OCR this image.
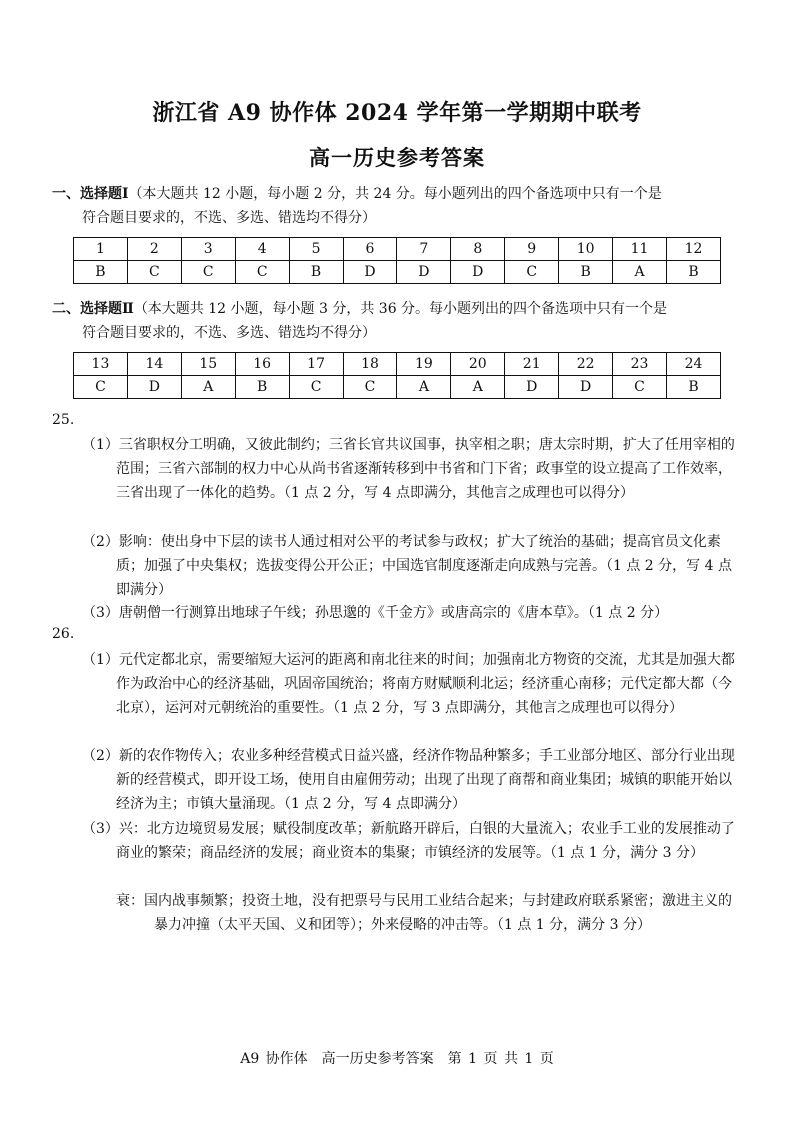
浙江省 A9 协作体 2024 学年第一学期期中联考
高一历史参考答案
一、选择题Ⅰ（本大题共 12 小题，每小题 2 分，共 24 分。每小题列出的四个备选项中只有一个是
符合题目要求的，不选、多选、错选均不得分）
1	2	3	4	5	6	7	8	9	10	11	12
B	C	C	C	B	D	D	D	C	B	A	B
二、选择题Ⅱ（本大题共 12 小题，每小题 3 分，共 36 分。每小题列出的四个备选项中只有一个是
符合题目要求的，不选、多选、错选均不得分）
13	14	15	16	17	18	19	20	21	22	23	24
C	D	A	B	C	C	A	A	D	D	C	B
25.
（1）三省职权分工明确，又彼此制约；三省长官共议国事，执宰相之职；唐太宗时期，扩大了任用宰相的范围；三省六部制的权力中心从尚书省逐渐转移到中书省和门下省；政事堂的设立提高了工作效率，三省出现了一体化的趋势。（1 点 2 分，写 4 点即满分，其他言之成理也可以得分）
（2）影响：使出身中下层的读书人通过相对公平的考试参与政权；扩大了统治的基础；提高官员文化素质；加强了中央集权；选拔变得公开公正；中国选官制度逐渐走向成熟与完善。（1 点 2 分，写 4 点即满分）
（3）唐朝僧一行测算出地球子午线；孙思邈的《千金方》或唐高宗的《唐本草》。（1 点 2 分）
26.
（1）元代定都北京，需要缩短大运河的距离和南北往来的时间；加强南北方物资的交流，尤其是加强大都作为政治中心的经济基础，巩固帝国统治；将南方财赋顺利北运；经济重心南移；元代定都大都（今北京），运河对元朝统治的重要性。（1 点 2 分，写 3 点即满分，其他言之成理也可以得分）
（2）新的农作物传入；农业多种经营模式日益兴盛，经济作物品种繁多；手工业部分地区、部分行业出现新的经营模式，即开设工场，使用自由雇佣劳动；出现了出现了商帮和商业集团；城镇的职能开始以经济为主；市镇大量涌现。（1 点 2 分，写 4 点即满分）
（3）兴：北方边境贸易发展；赋役制度改革；新航路开辟后，白银的大量流入；农业手工业的发展推动了商业的繁荣；商品经济的发展；商业资本的集聚；市镇经济的发展等。（1 点 1 分，满分 3 分）
衰：国内战事频繁；投资土地，没有把票号与民用工业结合起来；与封建政府联系紧密；激进主义的暴力冲撞（太平天国、义和团等）；外来侵略的冲击等。（1 点 1 分，满分 3 分）
A9 协作体　高一历史参考答案　第 1 页 共 1 页
